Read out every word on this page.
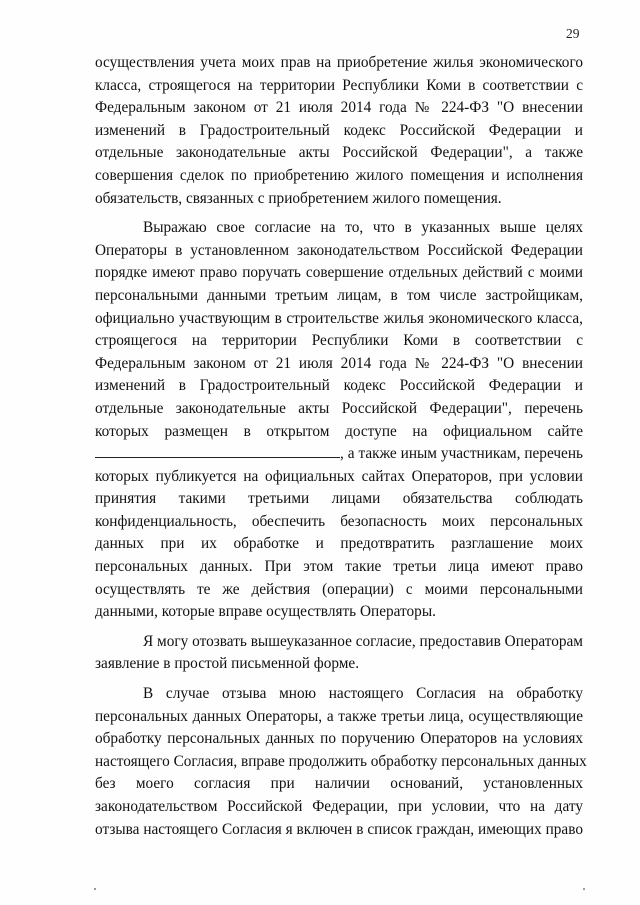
29
осуществления учета моих прав на приобретение жилья экономического
класса, строящегося на территории Республики Коми в соответствии с
Федеральным законом от 21 июля 2014 года № 224-ФЗ "О внесении
изменений в Градостроительный кодекс Российской Федерации и
отдельные законодательные акты Российской Федерации", а также
совершения сделок по приобретению жилого помещения и исполнения
обязательств, связанных с приобретением жилого помещения.
Выражаю свое согласие на то, что в указанных выше целях
Операторы в установленном законодательством Российской Федерации
порядке имеют право поручать совершение отдельных действий с моими
персональными данными третьим лицам, в том числе застройщикам,
официально участвующим в строительстве жилья экономического класса,
строящегося на территории Республики Коми в соответствии с
Федеральным законом от 21 июля 2014 года № 224-ФЗ "О внесении
изменений в Градостроительный кодекс Российской Федерации и
отдельные законодательные акты Российской Федерации", перечень
которых размещен в открытом доступе на официальном сайте
, а также иным участникам, перечень
которых публикуется на официальных сайтах Операторов, при условии
принятия такими третьими лицами обязательства соблюдать
конфиденциальность, обеспечить безопасность моих персональных
данных при их обработке и предотвратить разглашение моих
персональных данных. При этом такие третьи лица имеют право
осуществлять те же действия (операции) с моими персональными
данными, которые вправе осуществлять Операторы.
Я могу отозвать вышеуказанное согласие, предоставив Операторам
заявление в простой письменной форме.
В случае отзыва мною настоящего Согласия на обработку
персональных данных Операторы, а также третьи лица, осуществляющие
обработку персональных данных по поручению Операторов на условиях
настоящего Согласия, вправе продолжить обработку персональных данных
без моего согласия при наличии оснований, установленных
законодательством Российской Федерации, при условии, что на дату
отзыва настоящего Согласия я включен в список граждан, имеющих право
